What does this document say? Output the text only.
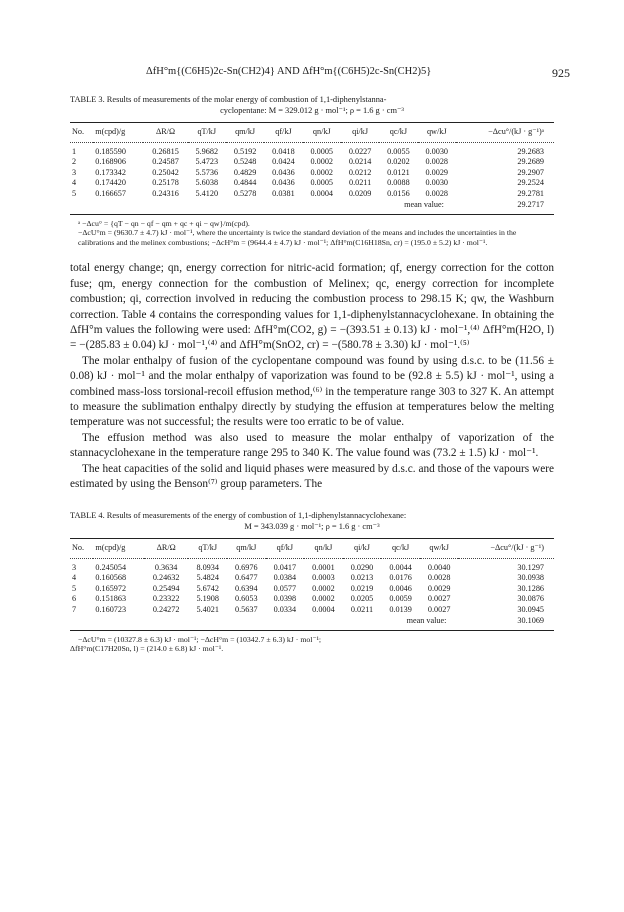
ΔfH°m{(C6H5)2c-Sn(CH2)4} AND ΔfH°m{(C6H5)2c-Sn(CH2)5}	925
TABLE 3. Results of measurements of the molar energy of combustion of 1,1-diphenylstanna-
cyclopentane: M = 329.012 g · mol⁻¹; ρ = 1.6 g · cm⁻³
No.	m(cpd)/g	ΔR/Ω	qT/kJ	qm/kJ	qf/kJ	qn/kJ	qi/kJ	qc/kJ	qw/kJ	−Δcu°/(kJ · g⁻¹)ᵃ
1	0.185590	0.26815	5.9682	0.5192	0.0418	0.0005	0.0227	0.0055	0.0030	29.2683
2	0.168906	0.24587	5.4723	0.5248	0.0424	0.0002	0.0214	0.0202	0.0028	29.2689
3	0.173342	0.25042	5.5736	0.4829	0.0436	0.0002	0.0212	0.0121	0.0029	29.2907
4	0.174420	0.25178	5.6038	0.4844	0.0436	0.0005	0.0211	0.0088	0.0030	29.2524
5	0.166657	0.24316	5.4120	0.5278	0.0381	0.0004	0.0209	0.0156	0.0028	29.2781
mean value:										29.2717

ᵃ −Δcu° = {qT − qn − qf − qm + qc + qi − qw}/m(cpd).

−ΔcU°m = (9630.7 ± 4.7) kJ · mol⁻¹, where the uncertainty is twice the standard deviation of the means and includes the uncertainties in the calibrations and the melinex combustions; −ΔcH°m = (9644.4 ± 4.7) kJ · mol⁻¹; ΔfH°m(C16H18Sn, cr) = (195.0 ± 5.2) kJ · mol⁻¹.

total energy change; qn, energy correction for nitric-acid formation; qf, energy correction for the cotton fuse; qm, energy connection for the combustion of Melinex; qc, energy correction for incomplete combustion; qi, correction involved in reducing the combustion process to 298.15 K; qw, the Washburn correction. Table 4 contains the corresponding values for 1,1-diphenylstannacyclohexane. In obtaining the ΔfH°m values the following were used: ΔfH°m(CO2, g) = −(393.51 ± 0.13) kJ · mol⁻¹,⁽⁴⁾ ΔfH°m(H2O, l) = −(285.83 ± 0.04) kJ · mol⁻¹,⁽⁴⁾ and ΔfH°m(SnO2, cr) = −(580.78 ± 3.30) kJ · mol⁻¹.⁽⁵⁾

The molar enthalpy of fusion of the cyclopentane compound was found by using d.s.c. to be (11.56 ± 0.08) kJ · mol⁻¹ and the molar enthalpy of vaporization was found to be (92.8 ± 5.5) kJ · mol⁻¹, using a combined mass-loss torsional-recoil effusion method,⁽⁶⁾ in the temperature range 303 to 327 K. An attempt to measure the sublimation enthalpy directly by studying the effusion at temperatures below the melting temperature was not successful; the results were too erratic to be of value.

The effusion method was also used to measure the molar enthalpy of vaporization of the stannacyclohexane in the temperature range 295 to 340 K. The value found was (73.2 ± 1.5) kJ · mol⁻¹.

The heat capacities of the solid and liquid phases were measured by d.s.c. and those of the vapours were estimated by using the Benson⁽⁷⁾ group parameters. The

TABLE 4. Results of measurements of the energy of combustion of 1,1-diphenylstannacyclohexane:
M = 343.039 g · mol⁻¹; ρ = 1.6 g · cm⁻³
No.	m(cpd)/g	ΔR/Ω	qT/kJ	qm/kJ	qf/kJ	qn/kJ	qi/kJ	qc/kJ	qw/kJ	−Δcu°/(kJ · g⁻¹)
3	0.245054	0.3634	8.0934	0.6976	0.0417	0.0001	0.0290	0.0044	0.0040	30.1297
4	0.160568	0.24632	5.4824	0.6477	0.0384	0.0003	0.0213	0.0176	0.0028	30.0938
5	0.165972	0.25494	5.6742	0.6394	0.0577	0.0002	0.0219	0.0046	0.0029	30.1286
6	0.151863	0.23322	5.1908	0.6053	0.0398	0.0002	0.0205	0.0059	0.0027	30.0876
7	0.160723	0.24272	5.4021	0.5637	0.0334	0.0004	0.0211	0.0139	0.0027	30.0945
mean value:										30.1069

−ΔcU°m = (10327.8 ± 6.3) kJ · mol⁻¹; −ΔcH°m = (10342.7 ± 6.3) kJ · mol⁻¹;

ΔfH°m(C17H20Sn, l) = (214.0 ± 6.8) kJ · mol⁻¹.
